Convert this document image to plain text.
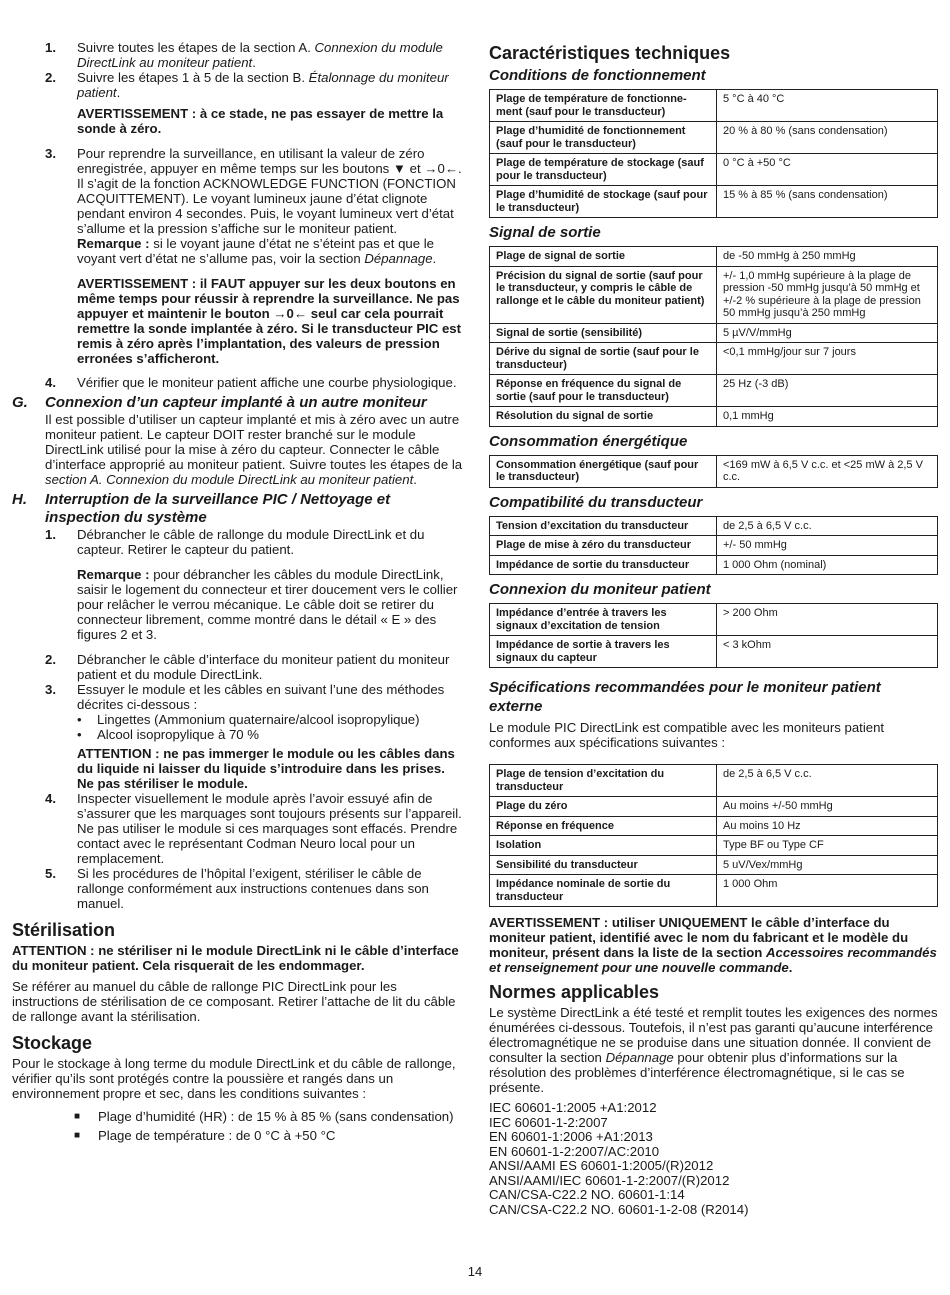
1.	Suivre toutes les étapes de la section A. Connexion du module DirectLink au moniteur patient.
2.	Suivre les étapes 1 à 5 de la section B. Étalonnage du moniteur patient.
AVERTISSEMENT : à ce stade, ne pas essayer de mettre la sonde à zéro.
3.	Pour reprendre la surveillance, en utilisant la valeur de zéro enregistrée, appuyer en même temps sur les boutons ▼ et →0←. Il s’agit de la fonction ACKNOWLEDGE FUNCTION (FONCTION ACQUITTEMENT). Le voyant lumineux jaune d’état clignote pendant environ 4 secondes. Puis, le voyant lumineux vert d’état s’allume et la pression s’affiche sur le moniteur patient.
Remarque : si le voyant jaune d’état ne s’éteint pas et que le voyant vert d’état ne s’allume pas, voir la section Dépannage.
AVERTISSEMENT : il FAUT appuyer sur les deux boutons en même temps pour réussir à reprendre la surveillance. Ne pas appuyer et maintenir le bouton →0← seul car cela pourrait remettre la sonde implantée à zéro. Si le transducteur PIC est remis à zéro après l’implantation, des valeurs de pression erronées s’afficheront.
4.	Vérifier que le moniteur patient affiche une courbe physiologique.
G.	Connexion d’un capteur implanté à un autre moniteur
Il est possible d’utiliser un capteur implanté et mis à zéro avec un autre moniteur patient. Le capteur DOIT rester branché sur le module DirectLink utilisé pour la mise à zéro du capteur. Connecter le câble d’interface approprié au moniteur patient. Suivre toutes les étapes de la section A. Connexion du module DirectLink au moniteur patient.
H.	Interruption de la surveillance PIC / Nettoyage et inspection du système
1.	Débrancher le câble de rallonge du module DirectLink et du capteur. Retirer le capteur du patient.
Remarque : pour débrancher les câbles du module DirectLink, saisir le logement du connecteur et tirer doucement vers le collier pour relâcher le verrou mécanique. Le câble doit se retirer du connecteur librement, comme montré dans le détail « E » des figures 2 et 3.
2.	Débrancher le câble d’interface du moniteur patient du moniteur patient et du module DirectLink.
3.	Essuyer le module et les câbles en suivant l’une des méthodes décrites ci-dessous :
•	Lingettes (Ammonium quaternaire/alcool isopropylique)
•	Alcool isopropylique à 70 %
ATTENTION : ne pas immerger le module ou les câbles dans du liquide ni laisser du liquide s’introduire dans les prises. Ne pas stériliser le module.
4.	Inspecter visuellement le module après l’avoir essuyé afin de s’assurer que les marquages sont toujours présents sur l’appareil. Ne pas utiliser le module si ces marquages sont effacés. Prendre contact avec le représentant Codman Neuro local pour un remplacement.
5.	Si les procédures de l’hôpital l’exigent, stériliser le câble de rallonge conformément aux instructions contenues dans son manuel.
Stérilisation
ATTENTION : ne stériliser ni le module DirectLink ni le câble d’interface du moniteur patient. Cela risquerait de les endommager.
Se référer au manuel du câble de rallonge PIC DirectLink pour les instructions de stérilisation de ce composant. Retirer l’attache de lit du câble de rallonge avant la stérilisation.
Stockage
Pour le stockage à long terme du module DirectLink et du câble de rallonge, vérifier qu’ils sont protégés contre la poussière et rangés dans un environnement propre et sec, dans les conditions suivantes :
■	Plage d’humidité (HR) : de 15 % à 85 % (sans condensation)
■	Plage de température : de 0 °C à +50 °C
Caractéristiques techniques
Conditions de fonctionnement
Plage de température de fonctionne-ment (sauf pour le transducteur)	5 °C à 40 °C
Plage d’humidité de fonctionnement (sauf pour le transducteur)	20 % à 80 % (sans condensation)
Plage de température de stockage (sauf pour le transducteur)	0 °C à +50 °C
Plage d’humidité de stockage (sauf pour le transducteur)	15 % à 85 % (sans condensation)
Signal de sortie
Plage de signal de sortie	de -50 mmHg à 250 mmHg
Précision du signal de sortie (sauf pour le transducteur, y compris le câble de rallonge et le câble du moniteur patient)	+/- 1,0 mmHg supérieure à la plage de pression -50 mmHg jusqu’à 50 mmHg et +/-2 % supérieure à la plage de pression 50 mmHg jusqu’à 250 mmHg
Signal de sortie (sensibilité)	5 µV/V/mmHg
Dérive du signal de sortie (sauf pour le transducteur)	<0,1 mmHg/jour sur 7 jours
Réponse en fréquence du signal de sortie (sauf pour le transducteur)	25 Hz (-3 dB)
Résolution du signal de sortie	0,1 mmHg
Consommation énergétique
Consommation énergétique (sauf pour le transducteur)	<169 mW à 6,5 V c.c. et <25 mW à 2,5 V c.c.
Compatibilité du transducteur
Tension d’excitation du transducteur	de 2,5 à 6,5 V c.c.
Plage de mise à zéro du transducteur	+/- 50 mmHg
Impédance de sortie du transducteur	1 000 Ohm (nominal)
Connexion du moniteur patient
Impédance d’entrée à travers les signaux d’excitation de tension	> 200 Ohm
Impédance de sortie à travers les signaux du capteur	< 3 kOhm
Spécifications recommandées pour le moniteur patient externe
Le module PIC DirectLink est compatible avec les moniteurs patient conformes aux spécifications suivantes :
Plage de tension d’excitation du transducteur	de 2,5 à 6,5 V c.c.
Plage du zéro	Au moins +/-50 mmHg
Réponse en fréquence	Au moins 10 Hz
Isolation	Type BF ou Type CF
Sensibilité du transducteur	5 uV/Vex/mmHg
Impédance nominale de sortie du transducteur	1 000 Ohm
AVERTISSEMENT : utiliser UNIQUEMENT le câble d’interface du moniteur patient, identifié avec le nom du fabricant et le modèle du moniteur, présent dans la liste de la section Accessoires recommandés et renseignement pour une nouvelle commande.
Normes applicables
Le système DirectLink a été testé et remplit toutes les exigences des normes énumérées ci-dessous. Toutefois, il n’est pas garanti qu’aucune interférence électromagnétique ne se produise dans une situation donnée. Il convient de consulter la section Dépannage pour obtenir plus d’informations sur la résolution des problèmes d’interférence électromagnétique, si le cas se présente.
IEC 60601-1:2005 +A1:2012
IEC 60601-1-2:2007
EN 60601-1:2006 +A1:2013
EN 60601-1-2:2007/AC:2010
ANSI/AAMI ES 60601-1:2005/(R)2012
ANSI/AAMI/IEC 60601-1-2:2007/(R)2012
CAN/CSA-C22.2 NO. 60601-1:14
CAN/CSA-C22.2 NO. 60601-1-2-08 (R2014)
14
